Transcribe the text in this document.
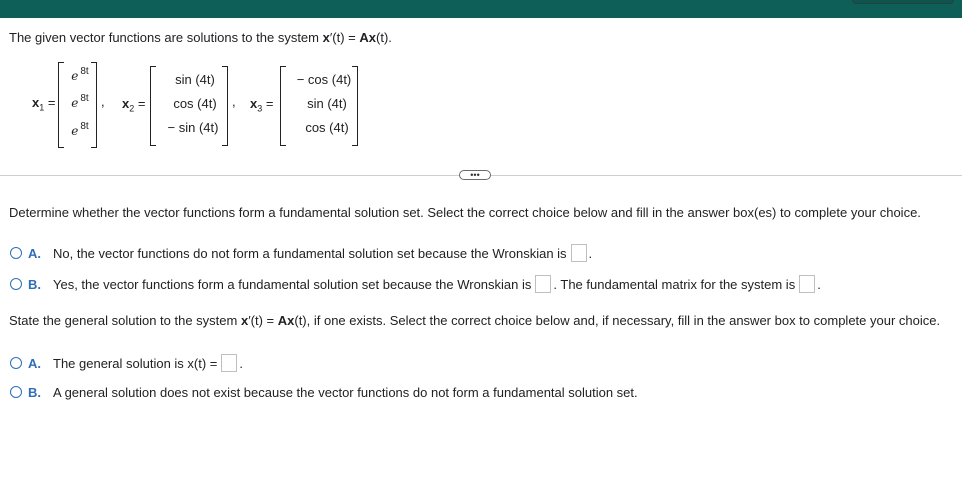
The given vector functions are solutions to the system x′(t) = Ax(t).
$x_1$ =
e $^{8t}$
e $^{8t}$
e $^{8t}$
, $x_2$ =
sin (4t)
cos (4t)
− sin (4t)
, $x_3$ =
− cos (4t)
sin (4t)
cos (4t)
•••
Determine whether the vector functions form a fundamental solution set. Select the correct choice below and fill in the answer box(es) to complete your choice.
A. No, the vector functions do not form a fundamental solution set because the Wronskian is .
B. Yes, the vector functions form a fundamental solution set because the Wronskian is . The fundamental matrix for the system is .
State the general solution to the system x′(t) = Ax(t), if one exists. Select the correct choice below and, if necessary, fill in the answer box to complete your choice.
A. The general solution is x(t) = .
B. A general solution does not exist because the vector functions do not form a fundamental solution set.
